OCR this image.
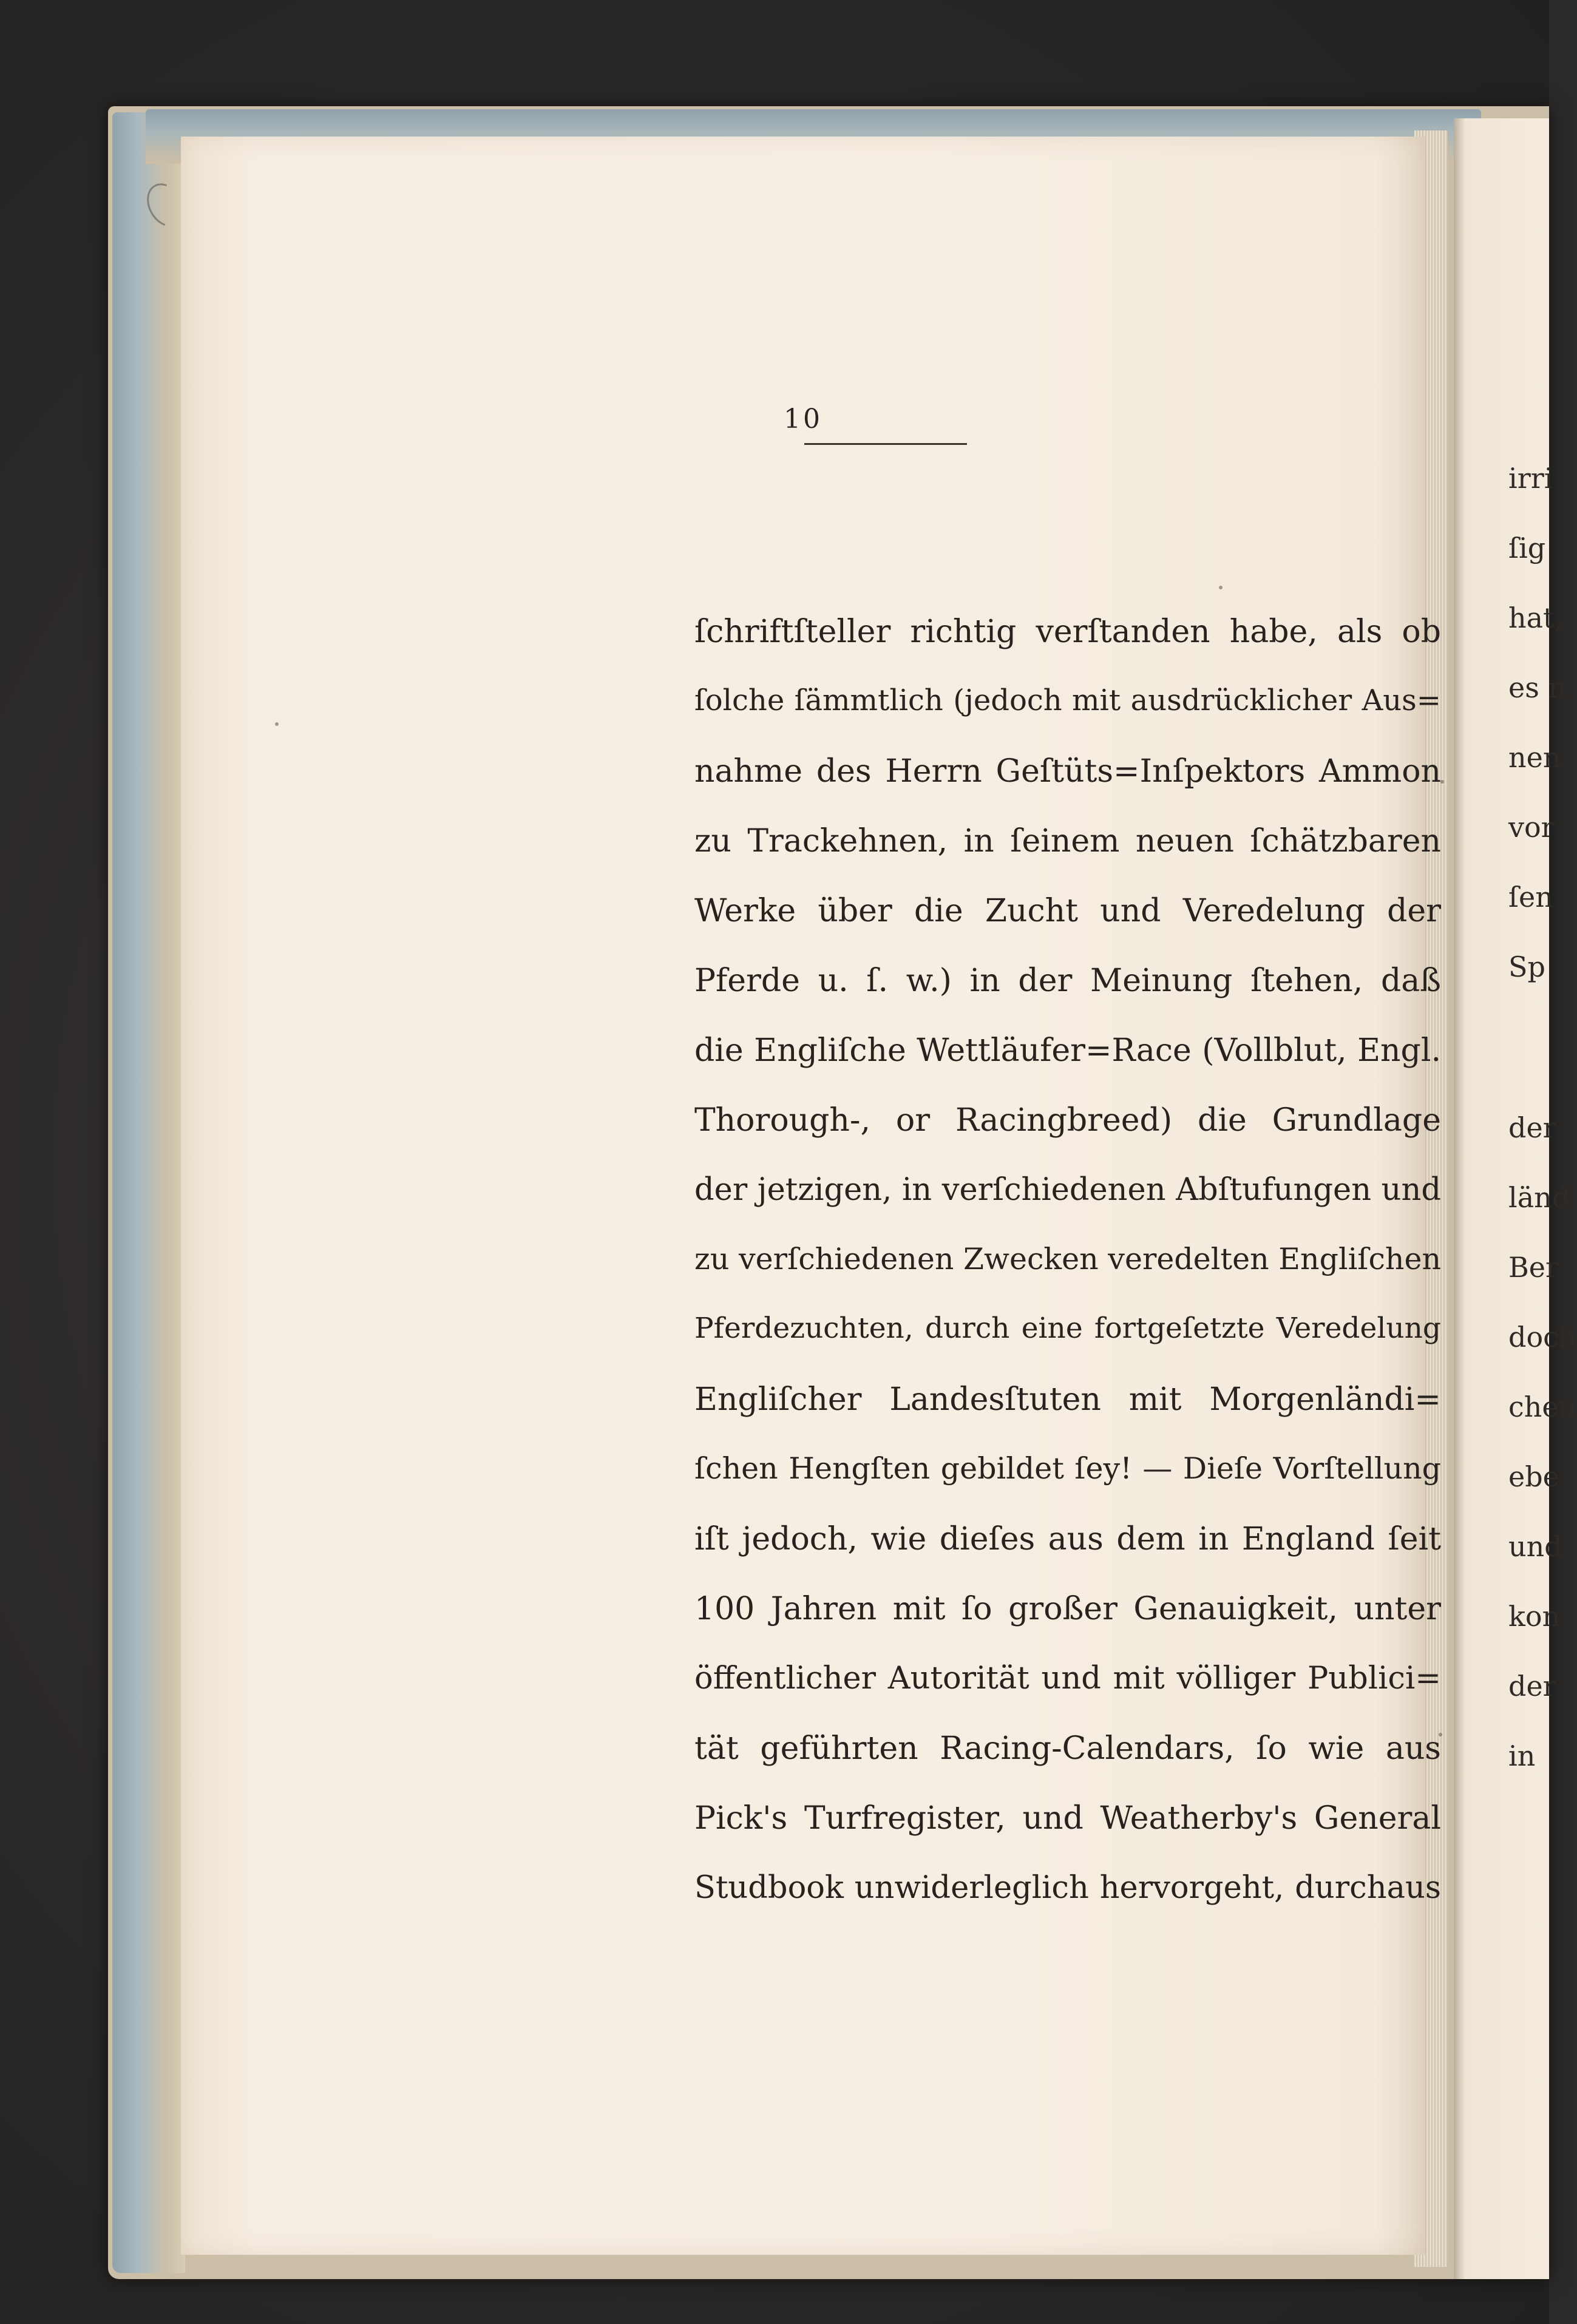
irri
ſig
hat,
es n
nen
vor
ſen
Sp
der
länd
Ber
doch
chen
ebe
und
kon
der
in
10
ſchriftſteller richtig verſtanden habe, als ob
ſolche ſämmtlich (jedoch mit ausdrücklicher Aus=
nahme des Herrn Geſtüts=Inſpektors Ammon
zu Trackehnen, in ſeinem neuen ſchätzbaren
Werke über die Zucht und Veredelung der
Pferde u. ſ. w.) in der Meinung ſtehen, daß
die Engliſche Wettläufer=Race (Vollblut, Engl.
Thorough-, or Racingbreed) die Grundlage
der jetzigen, in verſchiedenen Abſtufungen und
zu verſchiedenen Zwecken veredelten Engliſchen
Pferdezuchten, durch eine fortgeſetzte Veredelung
Engliſcher Landesſtuten mit Morgenländi=
ſchen Hengſten gebildet ſey! — Dieſe Vorſtellung
iſt jedoch, wie dieſes aus dem in England ſeit
100 Jahren mit ſo großer Genauigkeit, unter
öffentlicher Autorität und mit völliger Publici=
tät geführten Racing-Calendars, ſo wie aus
Pick's Turfregister, und Weatherby's General
Studbook unwiderleglich hervorgeht, durchaus
